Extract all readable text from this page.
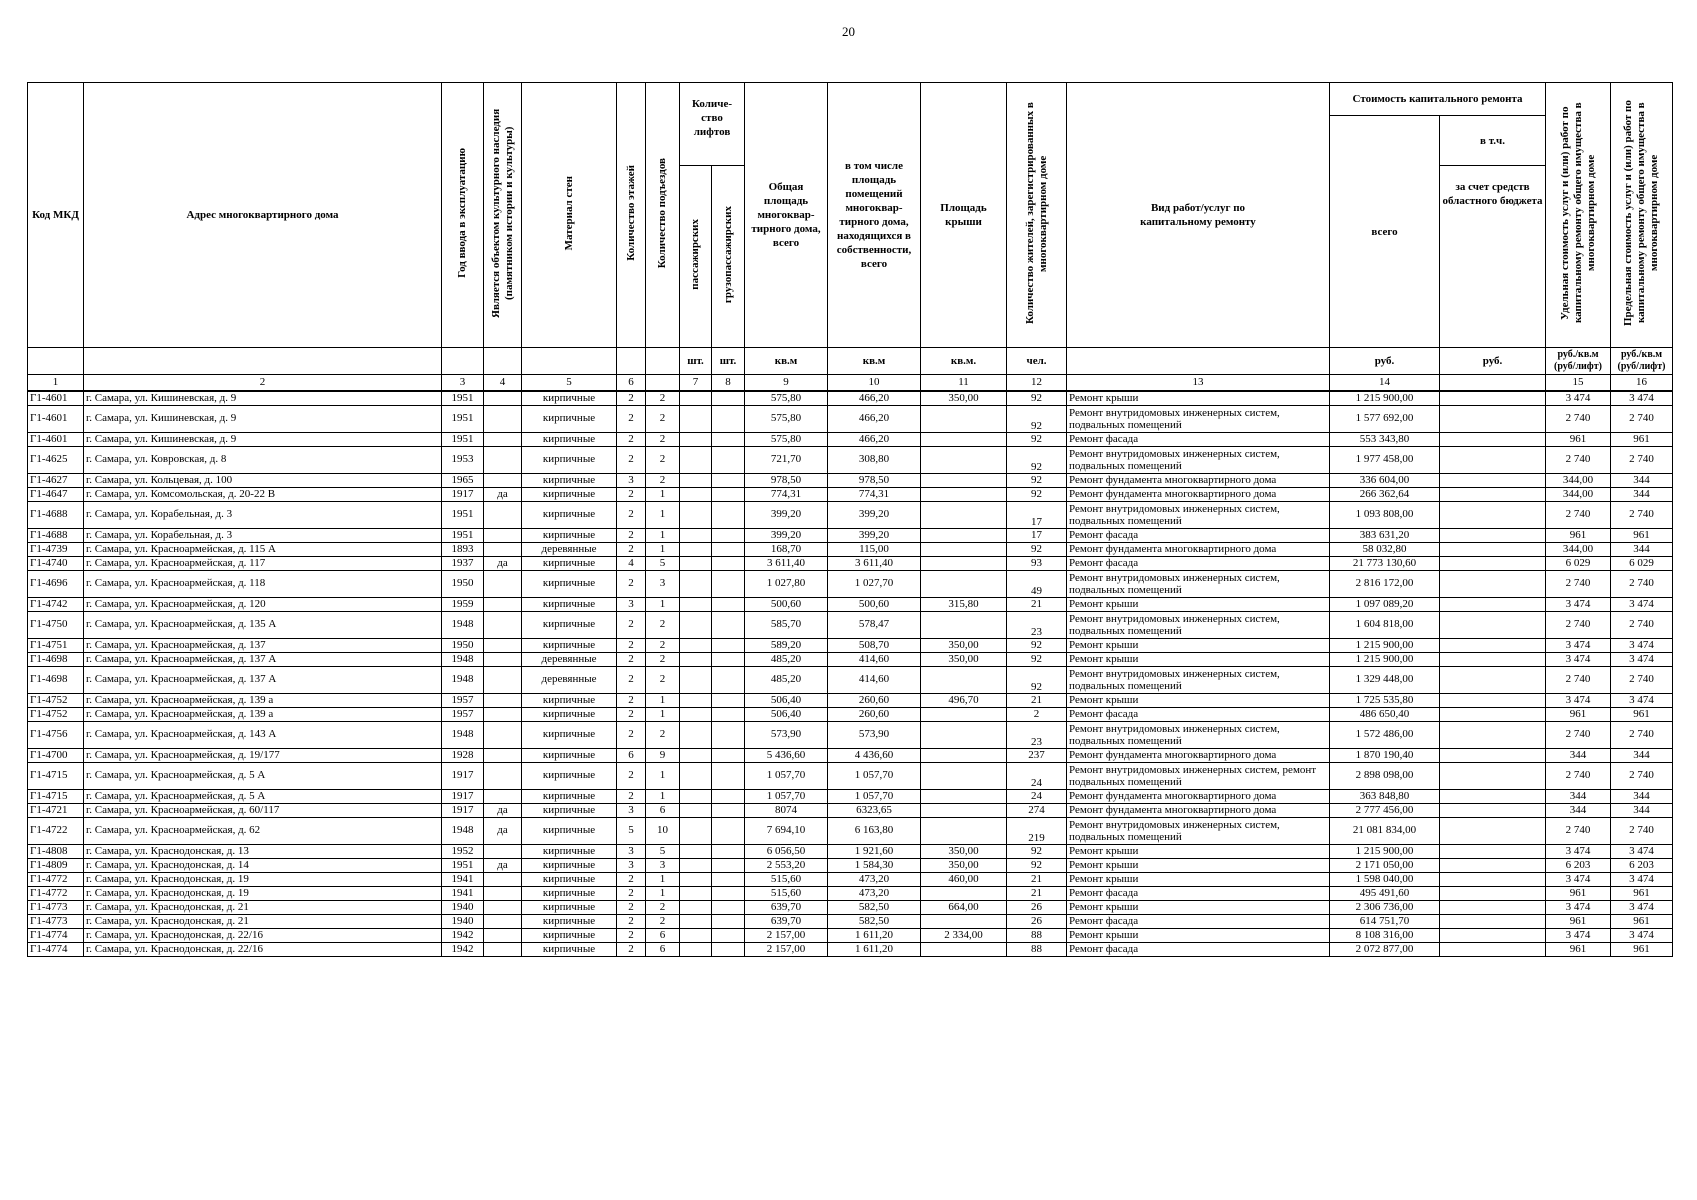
20
Код МКД	Адрес многоквартирного дома	Год ввода в эксплуатацию	Является объектом культурного наследия (памятником истории и культуры)	Материал стен	Количество этажей	Количество подъездов	Количе-ство лифтов		Общая площадь многоквар-тирного дома, всего	в том числе площадь помещений многоквар-тирного дома, находящихся в собственности, всего	Площадь крыши	Количество жителей, зарегистрированных в многоквартирном доме	Вид работ/услуг по капитальному ремонту	Стоимость капитального ремонта		Удельная стоимость услуг и (или) работ по капитальному ремонту общего имущества в многоквартирном доме	Предельная стоимость услуг и (или) работ по капитальному ремонту общего имущества в многоквартирном доме
														всего	в т.ч.		
							пассажирских	грузопассажирских							за счет средств областного бюджета		
							шт.	шт.	кв.м	кв.м	кв.м.	чел.		руб.	руб.	руб./кв.м (руб/лифт)	руб./кв.м (руб/лифт)
1	2	3	4	5	6		7	8	9	10	11	12	13	14		15	16
Г1-4601	г. Самара, ул. Кишиневская, д. 9	1951		кирпичные	2	2			575,80	466,20	350,00	92	Ремонт крыши	1 215 900,00		3 474	3 474
Г1-4601	г. Самара, ул. Кишиневская, д. 9	1951		кирпичные	2	2			575,80	466,20		92	Ремонт внутридомовых инженерных систем, подвальных помещений	1 577 692,00		2 740	2 740
Г1-4601	г. Самара, ул. Кишиневская, д. 9	1951		кирпичные	2	2			575,80	466,20		92	Ремонт фасада	553 343,80		961	961
Г1-4625	г. Самара, ул. Ковровская, д. 8	1953		кирпичные	2	2			721,70	308,80		92	Ремонт внутридомовых инженерных систем, подвальных помещений	1 977 458,00		2 740	2 740
Г1-4627	г. Самара, ул. Кольцевая, д. 100	1965		кирпичные	3	2			978,50	978,50		92	Ремонт фундамента многоквартирного дома	336 604,00		344,00	344
Г1-4647	г. Самара, ул. Комсомольская, д. 20-22 В	1917	да	кирпичные	2	1			774,31	774,31		92	Ремонт фундамента многоквартирного дома	266 362,64		344,00	344
Г1-4688	г. Самара, ул. Корабельная, д. 3	1951		кирпичные	2	1			399,20	399,20		17	Ремонт внутридомовых инженерных систем, подвальных помещений	1 093 808,00		2 740	2 740
Г1-4688	г. Самара, ул. Корабельная, д. 3	1951		кирпичные	2	1			399,20	399,20		17	Ремонт фасада	383 631,20		961	961
Г1-4739	г. Самара, ул. Красноармейская, д. 115 А	1893		деревянные	2	1			168,70	115,00		92	Ремонт фундамента многоквартирного дома	58 032,80		344,00	344
Г1-4740	г. Самара, ул. Красноармейская, д. 117	1937	да	кирпичные	4	5			3 611,40	3 611,40		93	Ремонт фасада	21 773 130,60		6 029	6 029
Г1-4696	г. Самара, ул. Красноармейская, д. 118	1950		кирпичные	2	3			1 027,80	1 027,70		49	Ремонт внутридомовых инженерных систем, подвальных помещений	2 816 172,00		2 740	2 740
Г1-4742	г. Самара, ул. Красноармейская, д. 120	1959		кирпичные	3	1			500,60	500,60	315,80	21	Ремонт крыши	1 097 089,20		3 474	3 474
Г1-4750	г. Самара, ул. Красноармейская, д. 135 А	1948		кирпичные	2	2			585,70	578,47		23	Ремонт внутридомовых инженерных систем, подвальных помещений	1 604 818,00		2 740	2 740
Г1-4751	г. Самара, ул. Красноармейская, д. 137	1950		кирпичные	2	2			589,20	508,70	350,00	92	Ремонт крыши	1 215 900,00		3 474	3 474
Г1-4698	г. Самара, ул. Красноармейская, д. 137 А	1948		деревянные	2	2			485,20	414,60	350,00	92	Ремонт крыши	1 215 900,00		3 474	3 474
Г1-4698	г. Самара, ул. Красноармейская, д. 137 А	1948		деревянные	2	2			485,20	414,60		92	Ремонт внутридомовых инженерных систем, подвальных помещений	1 329 448,00		2 740	2 740
Г1-4752	г. Самара, ул. Красноармейская, д. 139 а	1957		кирпичные	2	1			506,40	260,60	496,70	21	Ремонт крыши	1 725 535,80		3 474	3 474
Г1-4752	г. Самара, ул. Красноармейская, д. 139 а	1957		кирпичные	2	1			506,40	260,60		2	Ремонт фасада	486 650,40		961	961
Г1-4756	г. Самара, ул. Красноармейская, д. 143 А	1948		кирпичные	2	2			573,90	573,90		23	Ремонт внутридомовых инженерных систем, подвальных помещений	1 572 486,00		2 740	2 740
Г1-4700	г. Самара, ул. Красноармейская, д. 19/177	1928		кирпичные	6	9			5 436,60	4 436,60		237	Ремонт фундамента многоквартирного дома	1 870 190,40		344	344
Г1-4715	г. Самара, ул. Красноармейская, д. 5 А	1917		кирпичные	2	1			1 057,70	1 057,70		24	Ремонт внутридомовых инженерных систем, ремонт подвальных помещений	2 898 098,00		2 740	2 740
Г1-4715	г. Самара, ул. Красноармейская, д. 5 А	1917		кирпичные	2	1			1 057,70	1 057,70		24	Ремонт фундамента многоквартирного дома	363 848,80		344	344
Г1-4721	г. Самара, ул. Красноармейская, д. 60/117	1917	да	кирпичные	3	6			8074	6323,65		274	Ремонт фундамента многоквартирного дома	2 777 456,00		344	344
Г1-4722	г. Самара, ул. Красноармейская, д. 62	1948	да	кирпичные	5	10			7 694,10	6 163,80		219	Ремонт внутридомовых инженерных систем, подвальных помещений	21 081 834,00		2 740	2 740
Г1-4808	г. Самара, ул. Краснодонская, д. 13	1952		кирпичные	3	5			6 056,50	1 921,60	350,00	92	Ремонт крыши	1 215 900,00		3 474	3 474
Г1-4809	г. Самара, ул. Краснодонская, д. 14	1951	да	кирпичные	3	3			2 553,20	1 584,30	350,00	92	Ремонт крыши	2 171 050,00		6 203	6 203
Г1-4772	г. Самара, ул. Краснодонская, д. 19	1941		кирпичные	2	1			515,60	473,20	460,00	21	Ремонт крыши	1 598 040,00		3 474	3 474
Г1-4772	г. Самара, ул. Краснодонская, д. 19	1941		кирпичные	2	1			515,60	473,20		21	Ремонт фасада	495 491,60		961	961
Г1-4773	г. Самара, ул. Краснодонская, д. 21	1940		кирпичные	2	2			639,70	582,50	664,00	26	Ремонт крыши	2 306 736,00		3 474	3 474
Г1-4773	г. Самара, ул. Краснодонская, д. 21	1940		кирпичные	2	2			639,70	582,50		26	Ремонт фасада	614 751,70		961	961
Г1-4774	г. Самара, ул. Краснодонская, д. 22/16	1942		кирпичные	2	6			2 157,00	1 611,20	2 334,00	88	Ремонт крыши	8 108 316,00		3 474	3 474
Г1-4774	г. Самара, ул. Краснодонская, д. 22/16	1942		кирпичные	2	6			2 157,00	1 611,20		88	Ремонт фасада	2 072 877,00		961	961
